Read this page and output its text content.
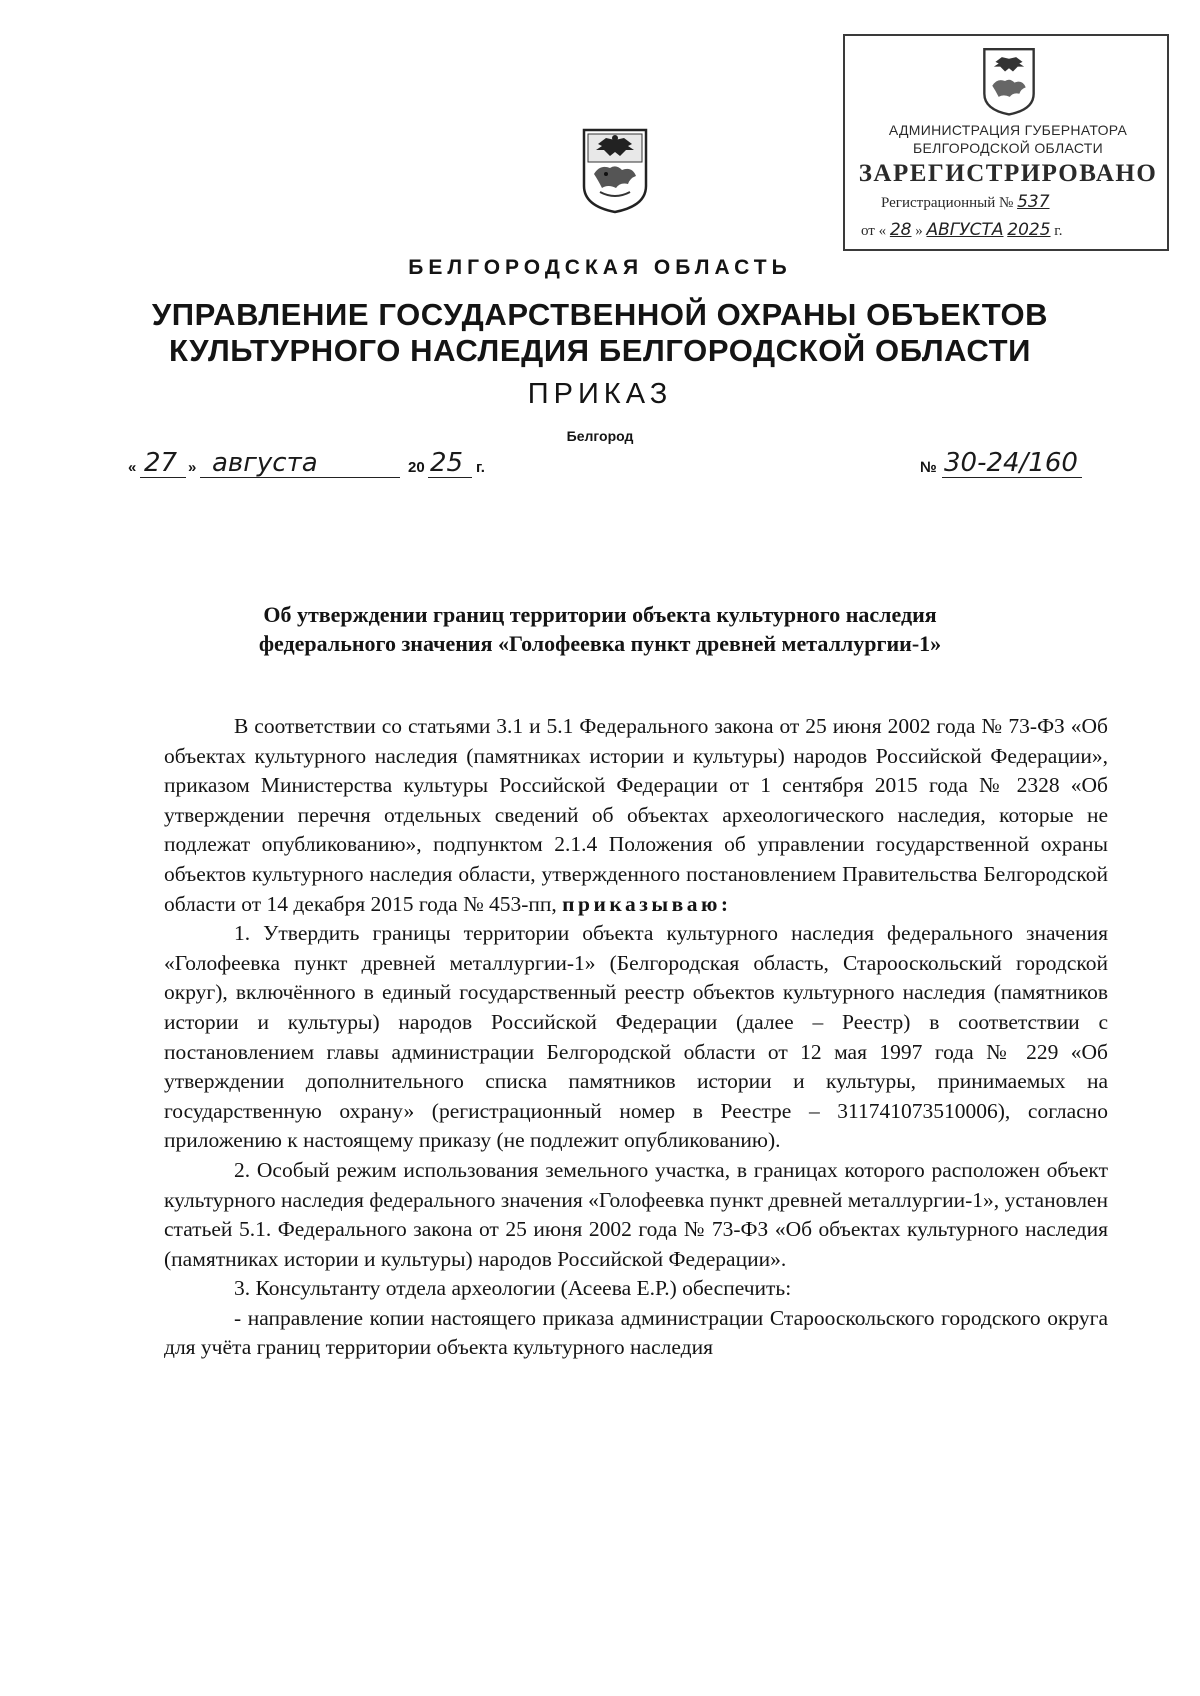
АДМИНИСТРАЦИЯ ГУБЕРНАТОРА
БЕЛГОРОДСКОЙ ОБЛАСТИ
ЗАРЕГИСТРИРОВАНО
Регистрационный № 537
от « 28 » АВГУСТА 2025 г.
БЕЛГОРОДСКАЯ ОБЛАСТЬ
УПРАВЛЕНИЕ ГОСУДАРСТВЕННОЙ ОХРАНЫ ОБЪЕКТОВ
КУЛЬТУРНОГО НАСЛЕДИЯ БЕЛГОРОДСКОЙ ОБЛАСТИ
ПРИКАЗ
Белгород
« 27 » августа	20 25 г.	№ 30-24/160
Об утверждении границ территории объекта культурного наследия
федерального значения «Голофеевка пункт древней металлургии-1»

В соответствии со статьями 3.1 и 5.1 Федерального закона от 25 июня 2002 года № 73-ФЗ «Об объектах культурного наследия (памятниках истории и культуры) народов Российской Федерации», приказом Министерства культуры Российской Федерации от 1 сентября 2015 года № 2328 «Об утверждении перечня отдельных сведений об объектах археологического наследия, которые не подлежат опубликованию», подпунктом 2.1.4 Положения об управлении государственной охраны объектов культурного наследия области, утвержденного постановлением Правительства Белгородской области от 14 декабря 2015 года № 453-пп, приказываю:

1. Утвердить границы территории объекта культурного наследия федерального значения «Голофеевка пункт древней металлургии-1» (Белгородская область, Старооскольский городской округ), включённого в единый государственный реестр объектов культурного наследия (памятников истории и культуры) народов Российской Федерации (далее – Реестр) в соответствии с постановлением главы администрации Белгородской области от 12 мая 1997 года № 229 «Об утверждении дополнительного списка памятников истории и культуры, принимаемых на государственную охрану» (регистрационный номер в Реестре – 311741073510006), согласно приложению к настоящему приказу (не подлежит опубликованию).

2. Особый режим использования земельного участка, в границах которого расположен объект культурного наследия федерального значения «Голофеевка пункт древней металлургии-1», установлен статьей 5.1. Федерального закона от 25 июня 2002 года № 73-ФЗ «Об объектах культурного наследия (памятниках истории и культуры) народов Российской Федерации».

3. Консультанту отдела археологии (Асеева Е.Р.) обеспечить:

- направление копии настоящего приказа администрации Старооскольского городского округа для учёта границ территории объекта культурного наследия
